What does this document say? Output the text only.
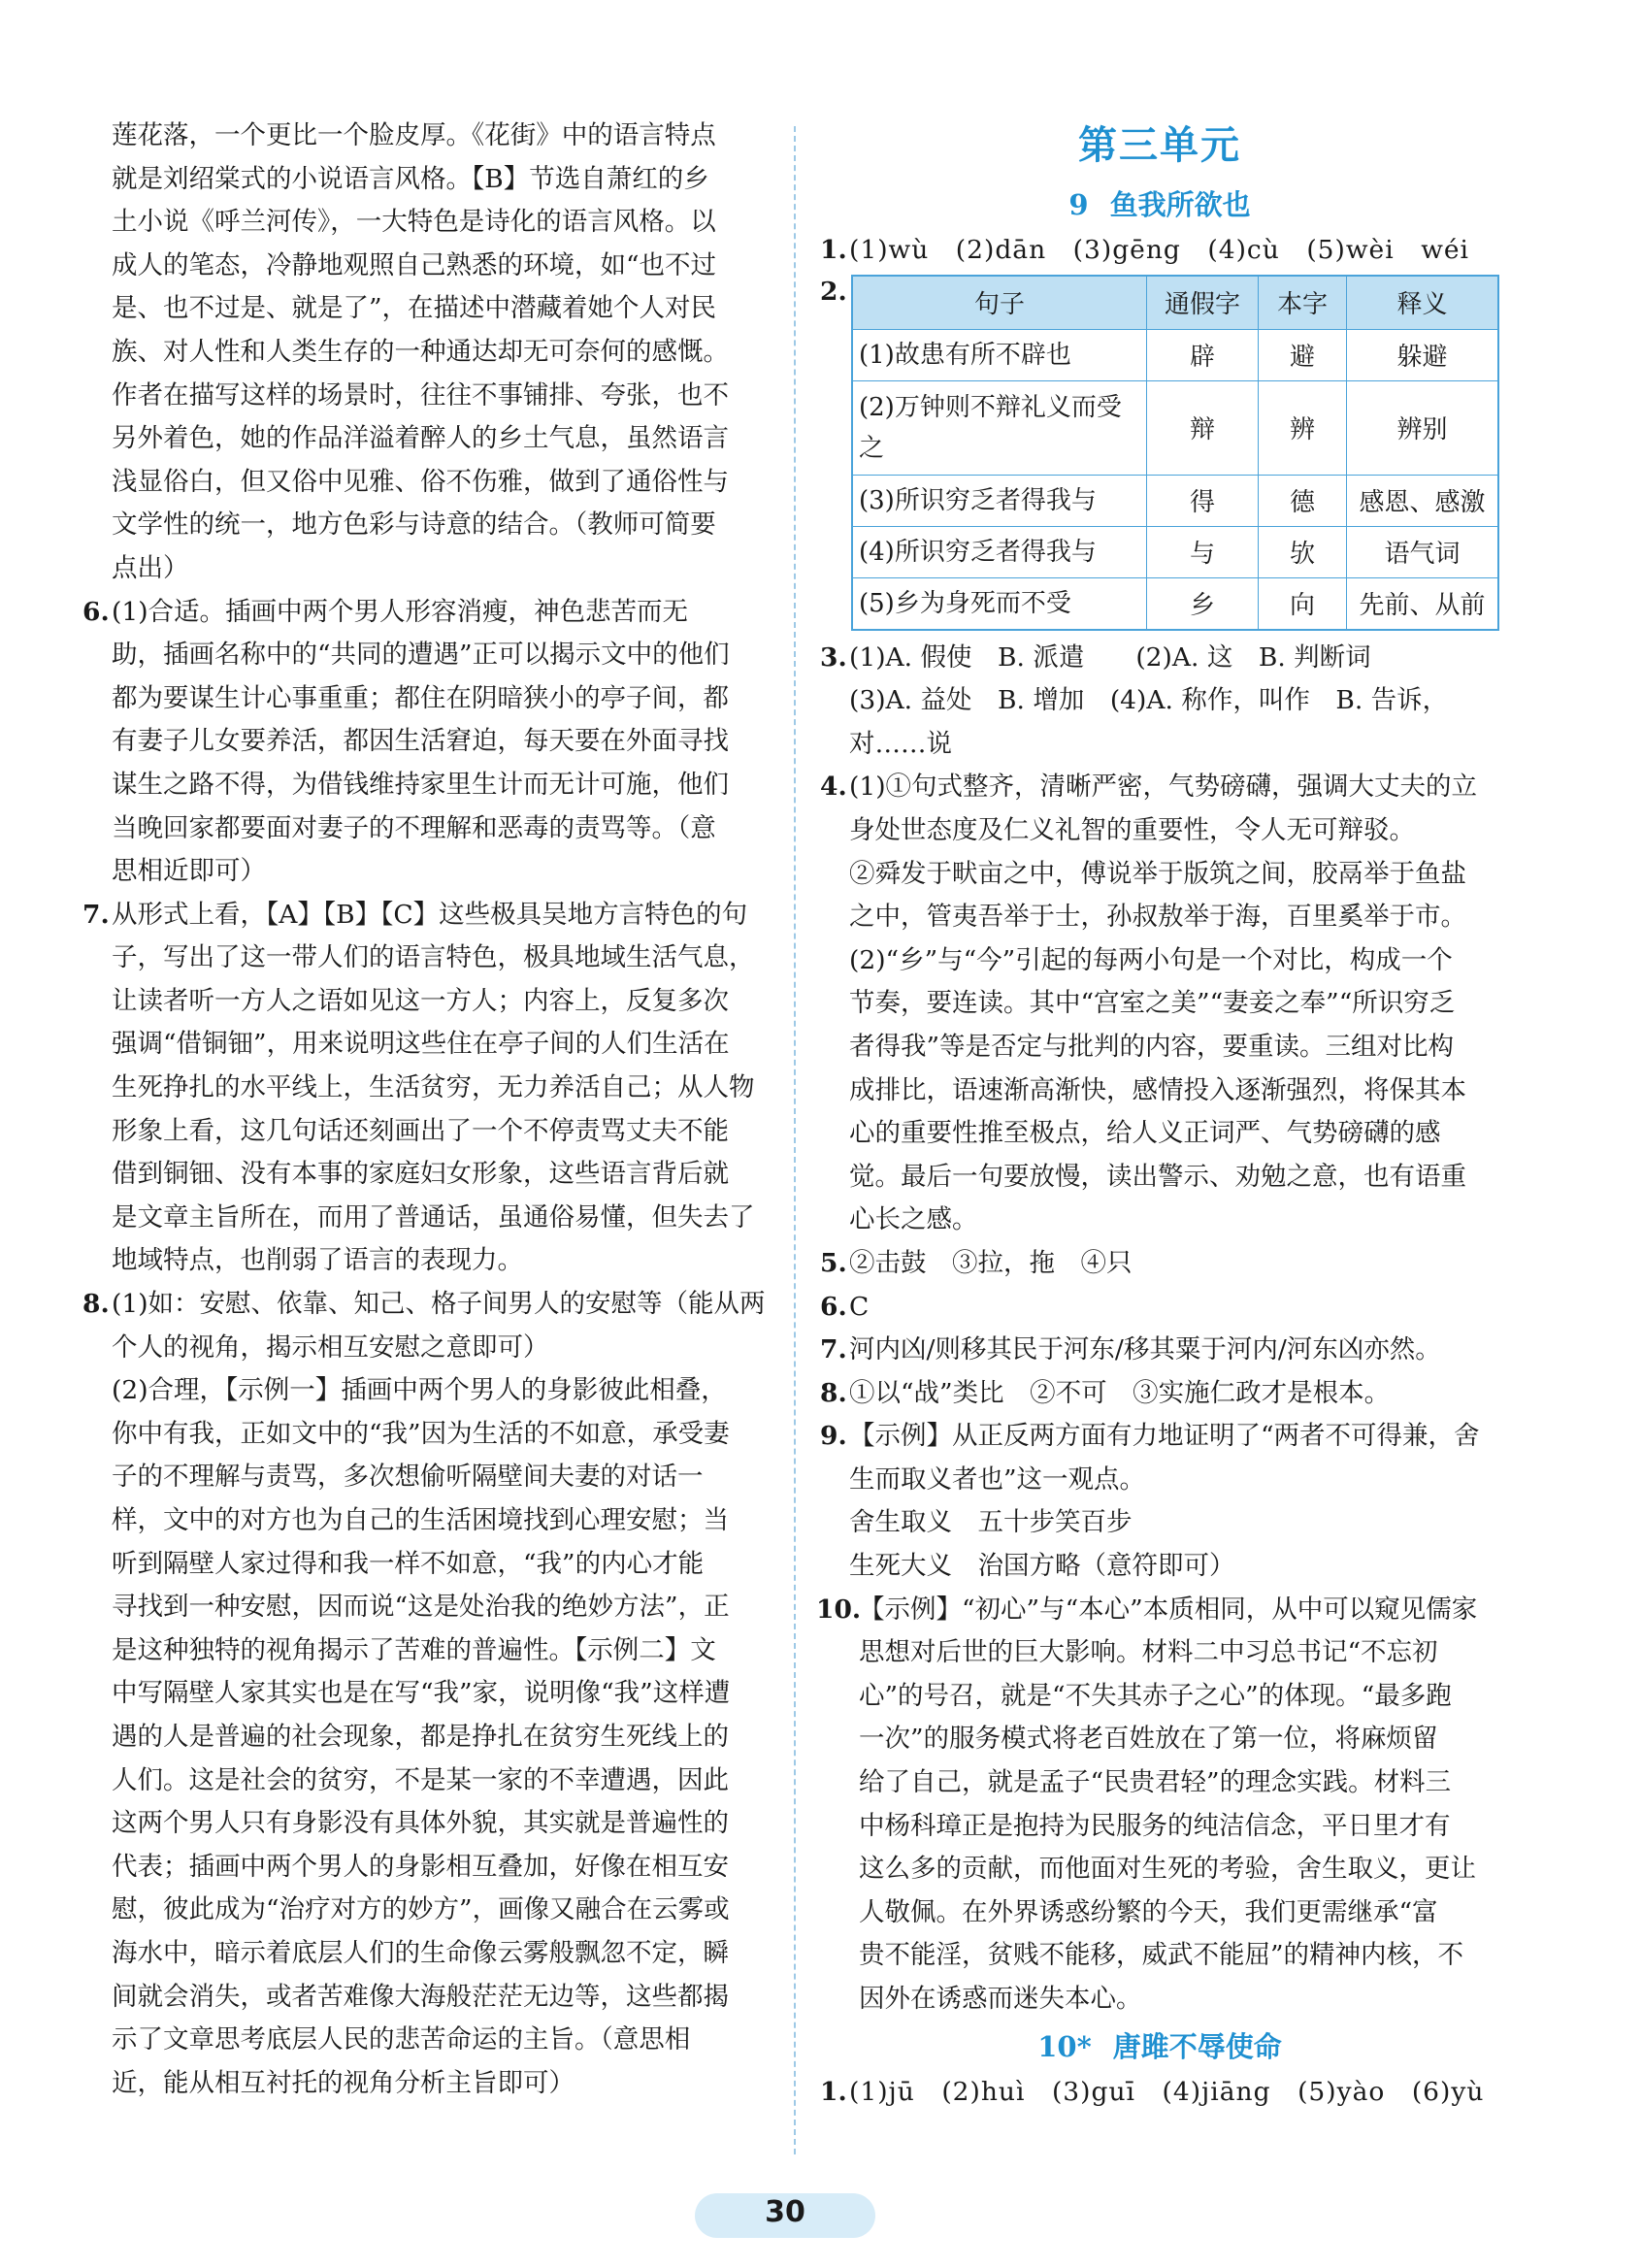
莲花落，一个更比一个脸皮厚。《花街》中的语言特点

就是刘绍棠式的小说语言风格。【B】节选自萧红的乡

土小说《呼兰河传》，一大特色是诗化的语言风格。以

成人的笔态，冷静地观照自己熟悉的环境，如“也不过

是、也不过是、就是了”，在描述中潜藏着她个人对民

族、对人性和人类生存的一种通达却无可奈何的感慨。

作者在描写这样的场景时，往往不事铺排、夸张，也不

另外着色，她的作品洋溢着醉人的乡土气息，虽然语言

浅显俗白，但又俗中见雅、俗不伤雅，做到了通俗性与

文学性的统一，地方色彩与诗意的结合。（教师可简要

点出）

6. (1)合适。插画中两个男人形容消瘦，神色悲苦而无

助，插画名称中的“共同的遭遇”正可以揭示文中的他们

都为要谋生计心事重重；都住在阴暗狭小的亭子间，都

有妻子儿女要养活，都因生活窘迫，每天要在外面寻找

谋生之路不得，为借钱维持家里生计而无计可施，他们

当晚回家都要面对妻子的不理解和恶毒的责骂等。（意

思相近即可）

7. 从形式上看，【A】【B】【C】这些极具吴地方言特色的句

子，写出了这一带人们的语言特色，极具地域生活气息，

让读者听一方人之语如见这一方人；内容上，反复多次

强调“借铜钿”，用来说明这些住在亭子间的人们生活在

生死挣扎的水平线上，生活贫穷，无力养活自己；从人物

形象上看，这几句话还刻画出了一个不停责骂丈夫不能

借到铜钿、没有本事的家庭妇女形象，这些语言背后就

是文章主旨所在，而用了普通话，虽通俗易懂，但失去了

地域特点，也削弱了语言的表现力。

8. (1)如：安慰、依靠、知己、格子间男人的安慰等（能从两

个人的视角，揭示相互安慰之意即可）

(2)合理，【示例一】插画中两个男人的身影彼此相叠，

你中有我，正如文中的“我”因为生活的不如意，承受妻

子的不理解与责骂，多次想偷听隔壁间夫妻的对话一

样，文中的对方也为自己的生活困境找到心理安慰；当

听到隔壁人家过得和我一样不如意，“我”的内心才能

寻找到一种安慰，因而说“这是处治我的绝妙方法”，正

是这种独特的视角揭示了苦难的普遍性。【示例二】文

中写隔壁人家其实也是在写“我”家，说明像“我”这样遭

遇的人是普遍的社会现象，都是挣扎在贫穷生死线上的

人们。这是社会的贫穷，不是某一家的不幸遭遇，因此

这两个男人只有身影没有具体外貌，其实就是普遍性的

代表；插画中两个男人的身影相互叠加，好像在相互安

慰，彼此成为“治疗对方的妙方”，画像又融合在云雾或

海水中，暗示着底层人们的生命像云雾般飘忽不定，瞬

间就会消失，或者苦难像大海般茫茫无边等，这些都揭

示了文章思考底层人民的悲苦命运的主旨。（意思相

近，能从相互衬托的视角分析主旨即可）

第三单元
9 鱼我所欲也
1. (1)wù　(2)dān　(3)gēng　(4)cù　(5)wèi　wéi

2.	句子	通假字	本字	释义
(1)故患有所不辟也	辟	避	躲避
(2)万钟则不辩礼义而受之	辩	辨	辨别
(3)所识穷乏者得我与	得	德	感恩、感激
(4)所识穷乏者得我与	与	欤	语气词
(5)乡为身死而不受	乡	向	先前、从前
3. (1)A. 假使　B. 派遣　　(2)A. 这　B. 判断词

(3)A. 益处　B. 增加　(4)A. 称作，叫作　B. 告诉，

对……说

4. (1)①句式整齐，清晰严密，气势磅礴，强调大丈夫的立

身处世态度及仁义礼智的重要性，令人无可辩驳。

②舜发于畎亩之中，傅说举于版筑之间，胶鬲举于鱼盐

之中，管夷吾举于士，孙叔敖举于海，百里奚举于市。

(2)“乡”与“今”引起的每两小句是一个对比，构成一个

节奏，要连读。其中“宫室之美”“妻妾之奉”“所识穷乏

者得我”等是否定与批判的内容，要重读。三组对比构

成排比，语速渐高渐快，感情投入逐渐强烈，将保其本

心的重要性推至极点，给人义正词严、气势磅礴的感

觉。最后一句要放慢，读出警示、劝勉之意，也有语重

心长之感。

5. ②击鼓　③拉，拖　④只

6. C

7. 河内凶/则移其民于河东/移其粟于河内/河东凶亦然。

8. ①以“战”类比　②不可　③实施仁政才是根本。

9. 【示例】从正反两方面有力地证明了“两者不可得兼，舍

生而取义者也”这一观点。

舍生取义　五十步笑百步

生死大义　治国方略（意符即可）

10.

【示例】“初心”与“本心”本质相同，从中可以窥见儒家

思想对后世的巨大影响。材料二中习总书记“不忘初

心”的号召，就是“不失其赤子之心”的体现。“最多跑

一次”的服务模式将老百姓放在了第一位，将麻烦留

给了自己，就是孟子“民贵君轻”的理念实践。材料三

中杨科璋正是抱持为民服务的纯洁信念，平日里才有

这么多的贡献，而他面对生死的考验，舍生取义，更让

人敬佩。在外界诱惑纷繁的今天，我们更需继承“富

贵不能淫，贫贱不能移，威武不能屈”的精神内核，不

因外在诱惑而迷失本心。

10* 唐雎不辱使命
1. (1)jū　(2)huì　(3)guī　(4)jiāng　(5)yào　(6)yù

30
